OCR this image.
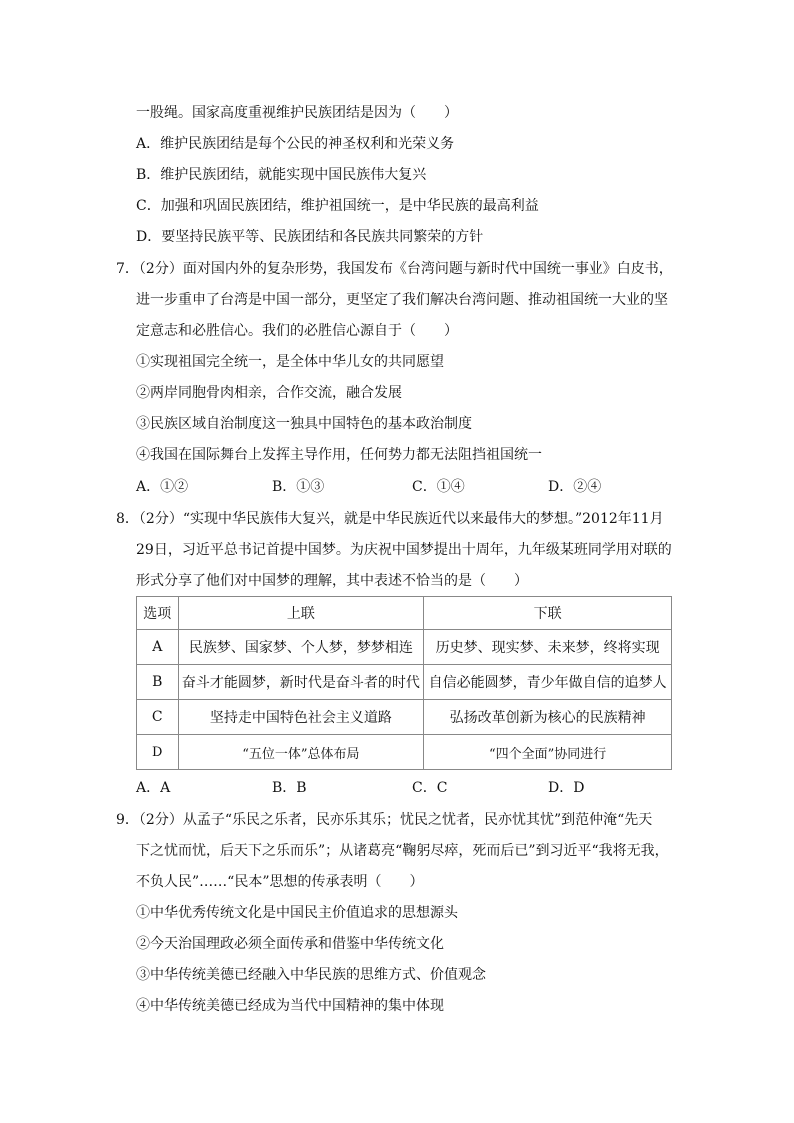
一股绳。国家高度重视维护民族团结是因为（　　）
A．维护民族团结是每个公民的神圣权利和光荣义务
B．维护民族团结，就能实现中国民族伟大复兴
C．加强和巩固民族团结，维护祖国统一，是中华民族的最高利益
D．要坚持民族平等、民族团结和各民族共同繁荣的方针
7．（2分）面对国内外的复杂形势，我国发布《台湾问题与新时代中国统一事业》白皮书，
进一步重申了台湾是中国一部分，更坚定了我们解决台湾问题、推动祖国统一大业的坚
定意志和必胜信心。我们的必胜信心源自于（　　）
①实现祖国完全统一，是全体中华儿女的共同愿望
②两岸同胞骨肉相亲，合作交流，融合发展
③民族区域自治制度这一独具中国特色的基本政治制度
④我国在国际舞台上发挥主导作用，任何势力都无法阻挡祖国统一
A．①②	B．①③	C．①④	D．②④
8．（2分）“实现中华民族伟大复兴，就是中华民族近代以来最伟大的梦想。”2012年11月
29日，习近平总书记首提中国梦。为庆祝中国梦提出十周年，九年级某班同学用对联的
形式分享了他们对中国梦的理解，其中表述不恰当的是（　　）
选项	上联	下联
A	民族梦、国家梦、个人梦，梦梦相连	历史梦、现实梦、未来梦，终将实现
B	奋斗才能圆梦，新时代是奋斗者的时代	自信必能圆梦，青少年做自信的追梦人
C	坚持走中国特色社会主义道路	弘扬改革创新为核心的民族精神
D	“五位一体”总体布局	“四个全面”协同进行
A．A	B．B	C．C	D．D
9．（2分）从孟子“乐民之乐者，民亦乐其乐；忧民之忧者，民亦忧其忧”到范仲淹“先天
下之忧而忧，后天下之乐而乐”；从诸葛亮“鞠躬尽瘁，死而后已”到习近平“我将无我，
不负人民”……“民本”思想的传承表明（　　）
①中华优秀传统文化是中国民主价值追求的思想源头
②今天治国理政必须全面传承和借鉴中华传统文化
③中华传统美德已经融入中华民族的思维方式、价值观念
④中华传统美德已经成为当代中国精神的集中体现
